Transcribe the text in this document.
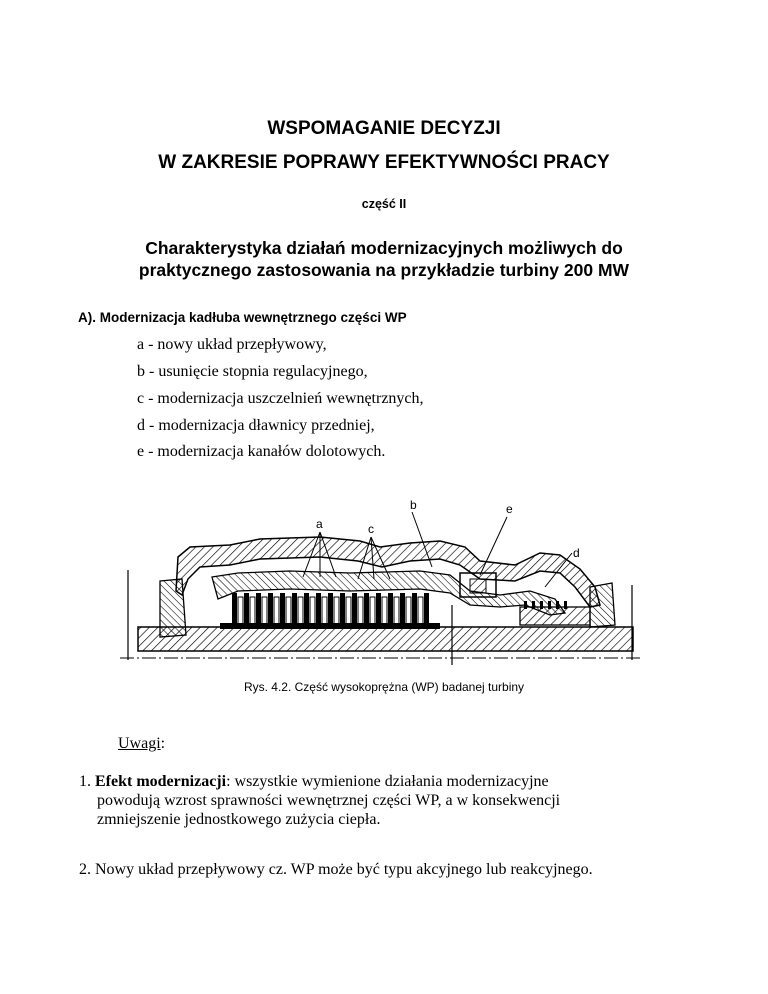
WSPOMAGANIE DECYZJI
W ZAKRESIE POPRAWY EFEKTYWNOŚCI PRACY
część II
Charakterystyka działań modernizacyjnych możliwych do
praktycznego zastosowania na przykładzie turbiny 200 MW
A). Modernizacja kadłuba wewnętrznego części WP
a - nowy układ przepływowy,
b - usunięcie stopnia regulacyjnego,
c - modernizacja uszczelnień wewnętrznych,
d - modernizacja dławnicy przedniej,
e - modernizacja kanałów dolotowych.
a	c
b	e
d
Rys. 4.2. Część wysokoprężna (WP) badanej turbiny
Uwagi:
1. Efekt modernizacji: wszystkie wymienione działania modernizacyjne
powodują wzrost sprawności wewnętrznej części WP, a w konsekwencji
zmniejszenie jednostkowego zużycia ciepła.
2. Nowy układ przepływowy cz. WP może być typu akcyjnego lub reakcyjnego.
